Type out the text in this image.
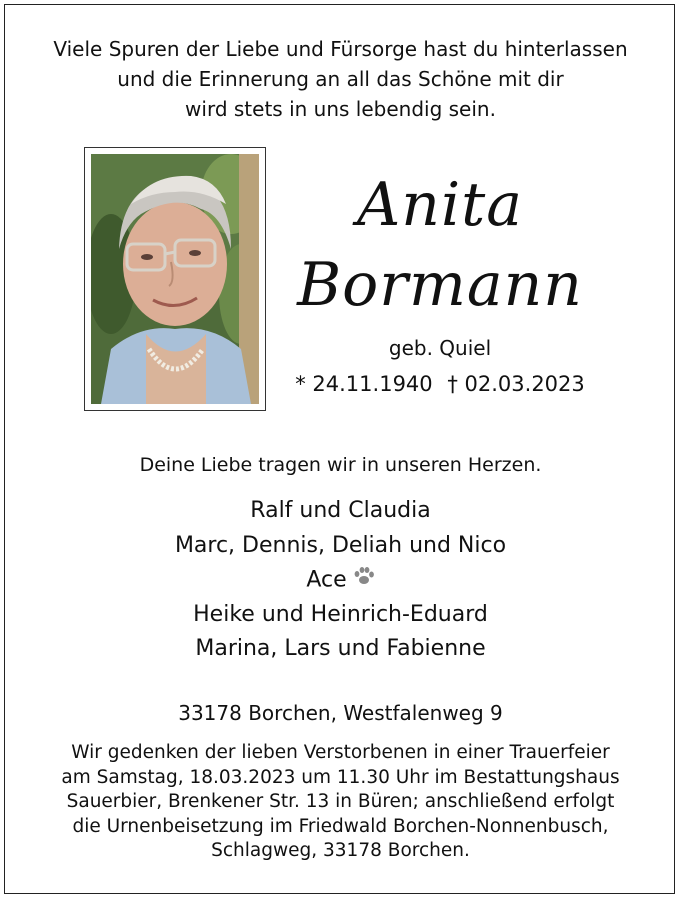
Viele Spuren der Liebe und Fürsorge hast du hinterlassen
und die Erinnerung an all das Schöne mit dir
wird stets in uns lebendig sein.
Anita
Bormann
geb. Quiel
* 24.11.1940 † 02.03.2023
Deine Liebe tragen wir in unseren Herzen.
Ralf und Claudia
Marc, Dennis, Deliah und Nico
Ace
Heike und Heinrich-Eduard
Marina, Lars und Fabienne
33178 Borchen, Westfalenweg 9
Wir gedenken der lieben Verstorbenen in einer Trauerfeier
am Samstag, 18.03.2023 um 11.30 Uhr im Bestattungshaus
Sauerbier, Brenkener Str. 13 in Büren; anschließend erfolgt
die Urnenbeisetzung im Friedwald Borchen-Nonnenbusch,
Schlagweg, 33178 Borchen.
